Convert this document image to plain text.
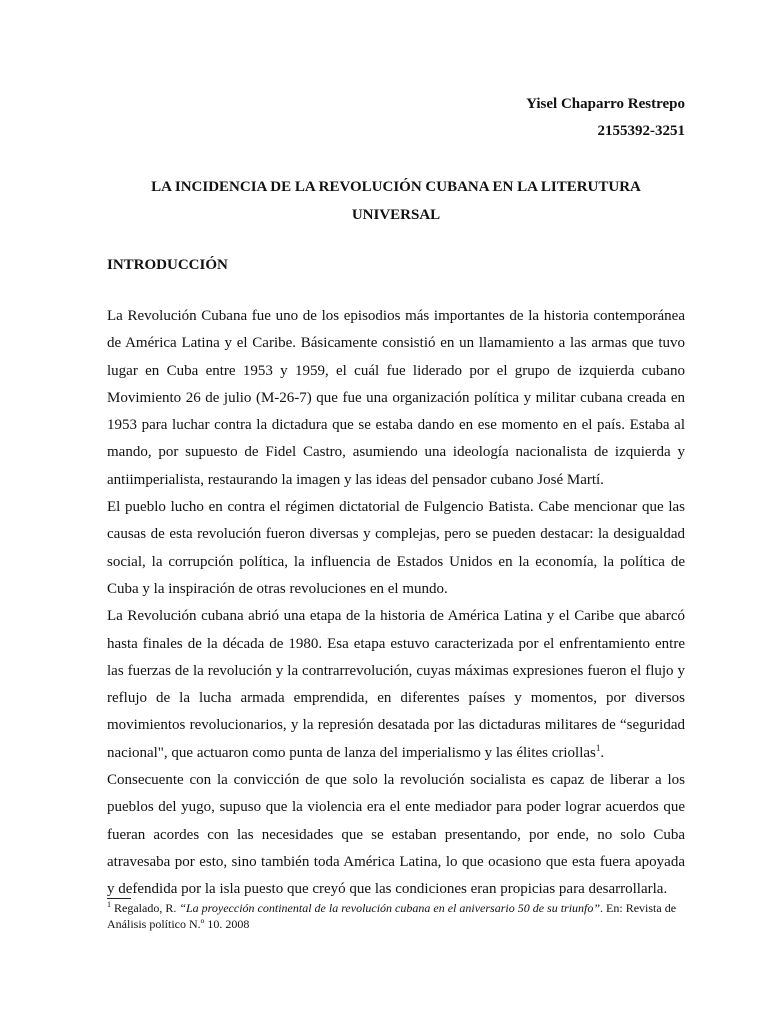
Yisel Chaparro Restrepo
2155392-3251
LA INCIDENCIA DE LA REVOLUCIÓN CUBANA EN LA LITERUTURA UNIVERSAL
INTRODUCCIÓN

La Revolución Cubana fue uno de los episodios más importantes de la historia contemporánea de América Latina y el Caribe. Básicamente consistió en un llamamiento a las armas que tuvo lugar en Cuba entre 1953 y 1959, el cuál fue liderado por el grupo de izquierda cubano Movimiento 26 de julio (M-26-7) que fue una organización política y militar cubana creada en 1953 para luchar contra la dictadura que se estaba dando en ese momento en el país. Estaba al mando, por supuesto de Fidel Castro, asumiendo una ideología nacionalista de izquierda y antiimperialista, restaurando la imagen y las ideas del pensador cubano José Martí.

El pueblo lucho en contra el régimen dictatorial de Fulgencio Batista. Cabe mencionar que las causas de esta revolución fueron diversas y complejas, pero se pueden destacar: la desigualdad social, la corrupción política, la influencia de Estados Unidos en la economía, la política de Cuba y la inspiración de otras revoluciones en el mundo.

La Revolución cubana abrió una etapa de la historia de América Latina y el Caribe que abarcó hasta finales de la década de 1980. Esa etapa estuvo caracterizada por el enfrentamiento entre las fuerzas de la revolución y la contrarrevolución, cuyas máximas expresiones fueron el flujo y reflujo de la lucha armada emprendida, en diferentes países y momentos, por diversos movimientos revolucionarios, y la represión desatada por las dictaduras militares de “seguridad nacional", que actuaron como punta de lanza del imperialismo y las élites criollas$^1$.

Consecuente con la convicción de que solo la revolución socialista es capaz de liberar a los pueblos del yugo, supuso que la violencia era el ente mediador para poder lograr acuerdos que fueran acordes con las necesidades que se estaban presentando, por ende, no solo Cuba atravesaba por esto, sino también toda América Latina, lo que ocasiono que esta fuera apoyada y defendida por la isla puesto que creyó que las condiciones eran propicias para desarrollarla.

$^1$ Regalado, R. “La proyección continental de la revolución cubana en el aniversario 50 de su triunfo”. En: Revista de Análisis político N.º 10. 2008
